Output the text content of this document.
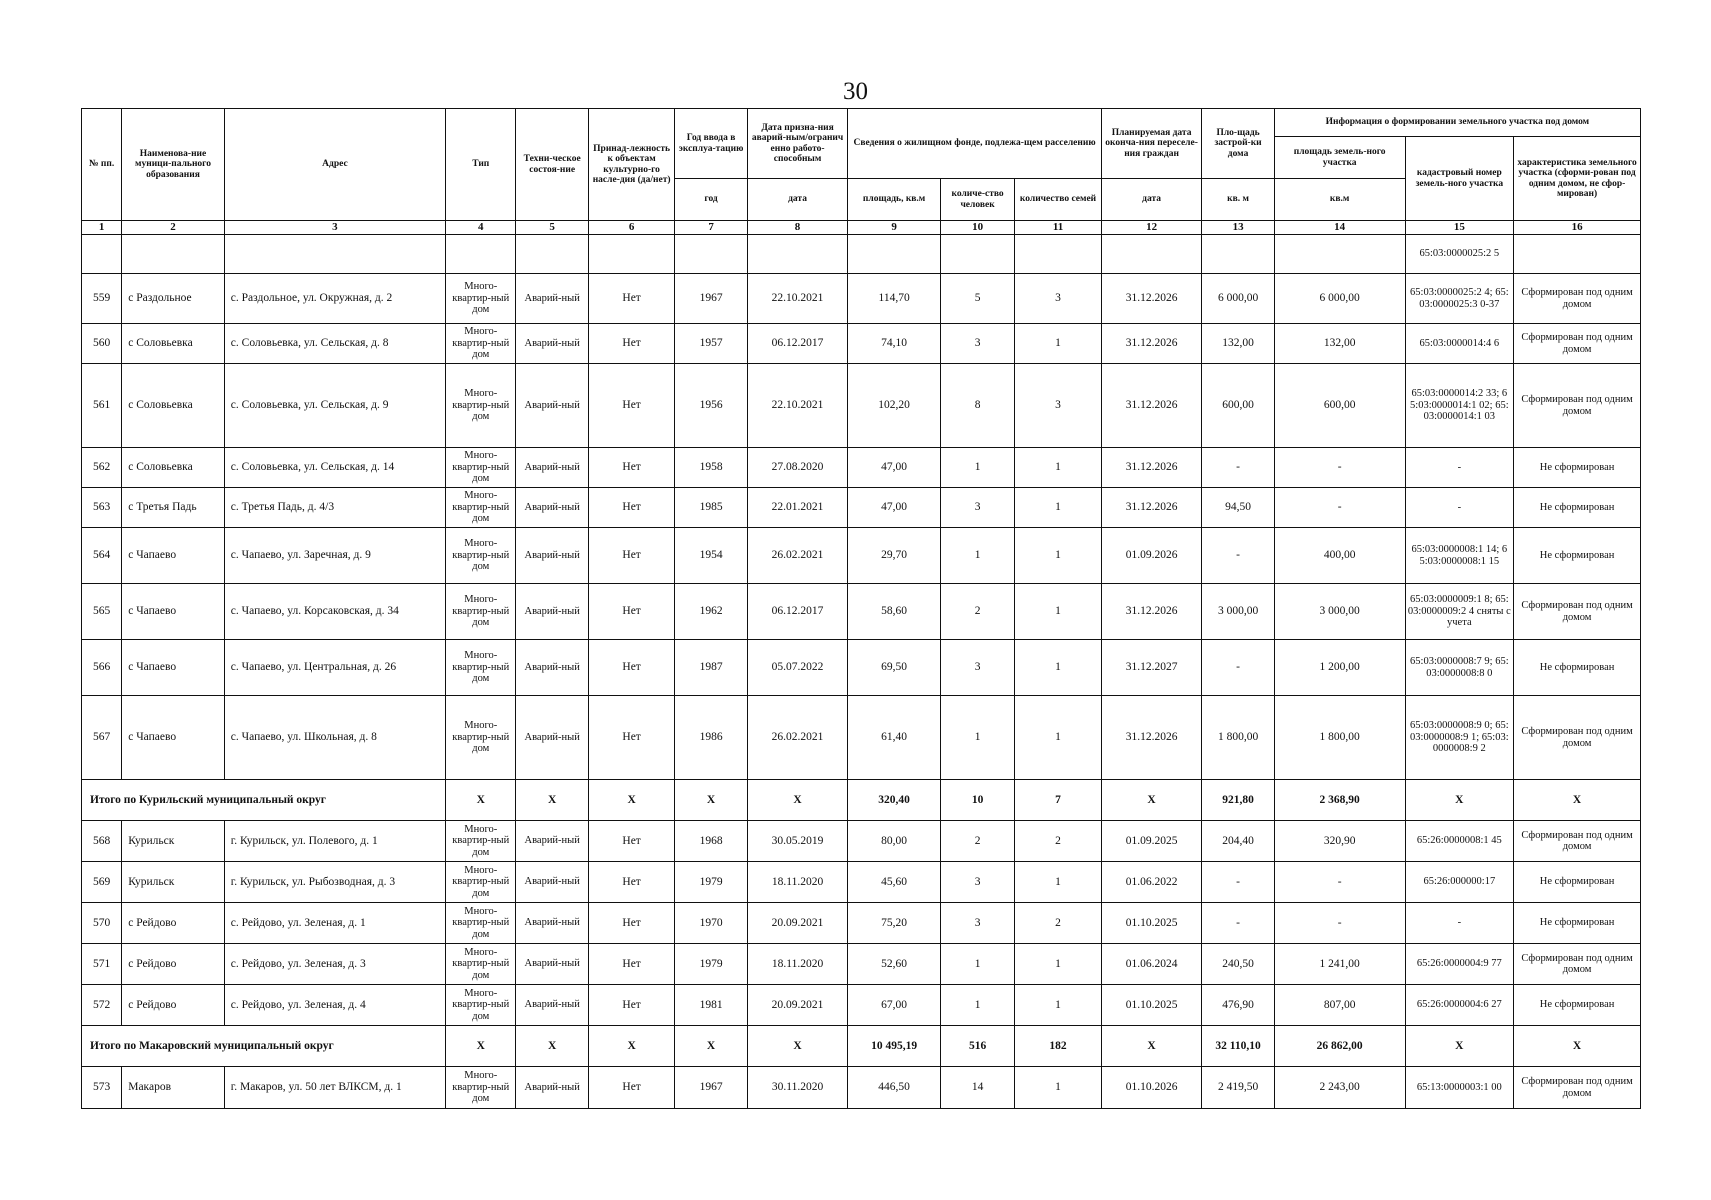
30
№ пп.	Наименова-ние муници-пального образования	Адрес	Тип	Техни-ческое состоя-ние	Принад-лежность к объектам культурно-го насле-дия (да/нет)	Год ввода в эксплуа-тацию	Дата призна-ния аварий-ным/огранич енно работо-способным	Сведения о жилищном фонде, подлежа-щем расселению			Планируемая дата оконча-ния переселе-ния граждан	Пло-щадь застрой-ки дома	Информация о формировании земельного участка под домом		
													площадь земель-ного участка	кадастровый номер земель-ного участка	характеристика земельного участка (сформи-рован под одним домом, не сфор-мирован)
						год	дата	площадь, кв.м	количе-ство человек	количество семей	дата	кв. м	кв.м		
1	2	3	4	5	6	7	8	9	10	11	12	13	14	15	16
														65:03:0000025:2 5	
559	с Раздольное	с. Раздольное, ул. Окружная, д. 2	Много-квартир-ный дом	Аварий-ный	Нет	1967	22.10.2021	114,70	5	3	31.12.2026	6 000,00	6 000,00	65:03:0000025:2 4; 65:03:0000025:3 0-37	Сформирован под одним домом
560	с Соловьевка	с. Соловьевка, ул. Сельская, д. 8	Много-квартир-ный дом	Аварий-ный	Нет	1957	06.12.2017	74,10	3	1	31.12.2026	132,00	132,00	65:03:0000014:4 6	Сформирован под одним домом
561	с Соловьевка	с. Соловьевка, ул. Сельская, д. 9	Много-квартир-ный дом	Аварий-ный	Нет	1956	22.10.2021	102,20	8	3	31.12.2026	600,00	600,00	65:03:0000014:2 33; 65:03:0000014:1 02; 65:03:0000014:1 03	Сформирован под одним домом
562	с Соловьевка	с. Соловьевка, ул. Сельская, д. 14	Много-квартир-ный дом	Аварий-ный	Нет	1958	27.08.2020	47,00	1	1	31.12.2026	-	-	-	Не сформирован
563	с Третья Падь	с. Третья Падь, д. 4/3	Много-квартир-ный дом	Аварий-ный	Нет	1985	22.01.2021	47,00	3	1	31.12.2026	94,50	-	-	Не сформирован
564	с Чапаево	с. Чапаево, ул. Заречная, д. 9	Много-квартир-ный дом	Аварий-ный	Нет	1954	26.02.2021	29,70	1	1	01.09.2026	-	400,00	65:03:0000008:1 14; 65:03:0000008:1 15	Не сформирован
565	с Чапаево	с. Чапаево, ул. Корсаковская, д. 34	Много-квартир-ный дом	Аварий-ный	Нет	1962	06.12.2017	58,60	2	1	31.12.2026	3 000,00	3 000,00	65:03:0000009:1 8; 65:03:0000009:2 4 сняты с учета	Сформирован под одним домом
566	с Чапаево	с. Чапаево, ул. Центральная, д. 26	Много-квартир-ный дом	Аварий-ный	Нет	1987	05.07.2022	69,50	3	1	31.12.2027	-	1 200,00	65:03:0000008:7 9; 65:03:0000008:8 0	Не сформирован
567	с Чапаево	с. Чапаево, ул. Школьная, д. 8	Много-квартир-ный дом	Аварий-ный	Нет	1986	26.02.2021	61,40	1	1	31.12.2026	1 800,00	1 800,00	65:03:0000008:9 0; 65:03:0000008:9 1; 65:03:0000008:9 2	Сформирован под одним домом
Итого по Курильский муниципальный округ			X	X	X	X	X	320,40	10	7	X	921,80	2 368,90	X	X
568	Курильск	г. Курильск, ул. Полевого, д. 1	Много-квартир-ный дом	Аварий-ный	Нет	1968	30.05.2019	80,00	2	2	01.09.2025	204,40	320,90	65:26:0000008:1 45	Сформирован под одним домом
569	Курильск	г. Курильск, ул. Рыбозводная, д. 3	Много-квартир-ный дом	Аварий-ный	Нет	1979	18.11.2020	45,60	3	1	01.06.2022	-	-	65:26:000000:17	Не сформирован
570	с Рейдово	с. Рейдово, ул. Зеленая, д. 1	Много-квартир-ный дом	Аварий-ный	Нет	1970	20.09.2021	75,20	3	2	01.10.2025	-	-	-	Не сформирован
571	с Рейдово	с. Рейдово, ул. Зеленая, д. 3	Много-квартир-ный дом	Аварий-ный	Нет	1979	18.11.2020	52,60	1	1	01.06.2024	240,50	1 241,00	65:26:0000004:9 77	Сформирован под одним домом
572	с Рейдово	с. Рейдово, ул. Зеленая, д. 4	Много-квартир-ный дом	Аварий-ный	Нет	1981	20.09.2021	67,00	1	1	01.10.2025	476,90	807,00	65:26:0000004:6 27	Не сформирован
Итого по Макаровский муниципальный округ			X	X	X	X	X	10 495,19	516	182	X	32 110,10	26 862,00	X	X
573	Макаров	г. Макаров, ул. 50 лет ВЛКСМ, д. 1	Много-квартир-ный дом	Аварий-ный	Нет	1967	30.11.2020	446,50	14	1	01.10.2026	2 419,50	2 243,00	65:13:0000003:1 00	Сформирован под одним домом
